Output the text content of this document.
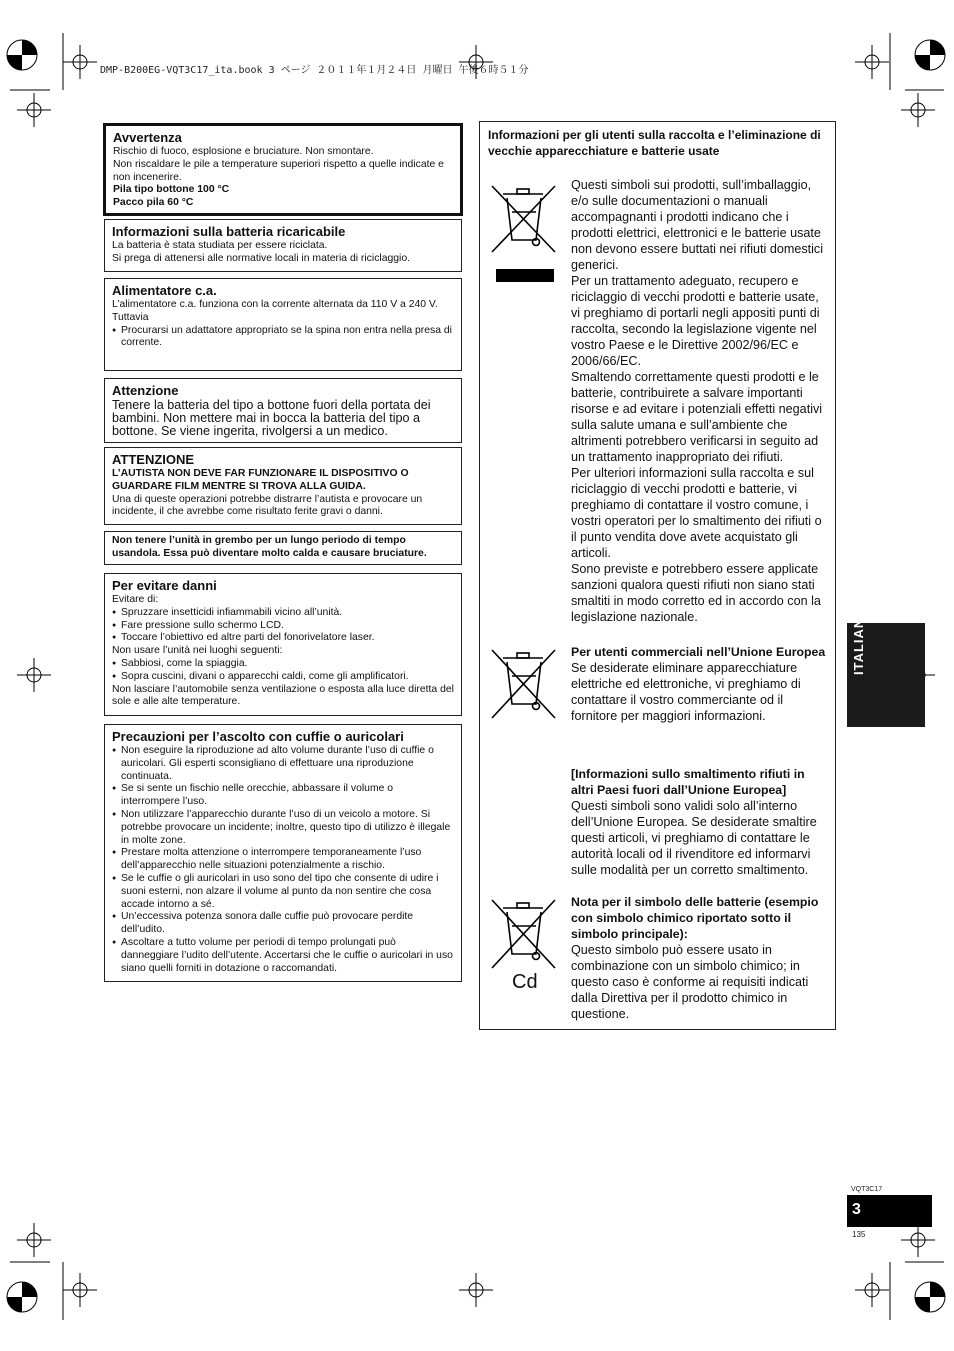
DMP-B200EG-VQT3C17_ita.book 3 ページ ２０１１年１月２４日 月曜日 午後６時５１分
Avvertenza

Rischio di fuoco, esplosione e bruciature. Non smontare.

Non riscaldare le pile a temperature superiori rispetto a quelle indicate e non incenerire.

Pila tipo bottone 100 °C

Pacco pila 60 °C

Informazioni sulla batteria ricaricabile

La batteria è stata studiata per essere riciclata.

Si prega di attenersi alle normative locali in materia di riciclaggio.

Alimentatore c.a.

L’alimentatore c.a. funziona con la corrente alternata da 110 V a 240 V.

Tuttavia

● Procurarsi un adattatore appropriato se la spina non entra nella presa di corrente.
Attenzione

Tenere la batteria del tipo a bottone fuori della portata dei bambini. Non mettere mai in bocca la batteria del tipo a bottone. Se viene ingerita, rivolgersi a un medico.

ATTENZIONE

L’AUTISTA NON DEVE FAR FUNZIONARE IL DISPOSITIVO O GUARDARE FILM MENTRE SI TROVA ALLA GUIDA.

Una di queste operazioni potrebbe distrarre l’autista e provocare un incidente, il che avrebbe come risultato ferite gravi o danni.

Non tenere l’unità in grembo per un lungo periodo di tempo usandola. Essa può diventare molto calda e causare bruciature.

Per evitare danni

Evitare di:

● Spruzzare insetticidi infiammabili vicino all’unità.
● Fare pressione sullo schermo LCD.
● Toccare l’obiettivo ed altre parti del fonorivelatore laser.

Non usare l’unità nei luoghi seguenti:

● Sabbiosi, come la spiaggia.
● Sopra cuscini, divani o apparecchi caldi, come gli amplificatori.

Non lasciare l’automobile senza ventilazione o esposta alla luce diretta del sole e alle alte temperature.

Precauzioni per l’ascolto con cuffie o auricolari
● Non eseguire la riproduzione ad alto volume durante l’uso di cuffie o auricolari. Gli esperti sconsigliano di effettuare una riproduzione continuata.
● Se si sente un fischio nelle orecchie, abbassare il volume o interrompere l’uso.
● Non utilizzare l’apparecchio durante l’uso di un veicolo a motore. Si potrebbe provocare un incidente; inoltre, questo tipo di utilizzo è illegale in molte zone.
● Prestare molta attenzione o interrompere temporaneamente l’uso dell’apparecchio nelle situazioni potenzialmente a rischio.
● Se le cuffie o gli auricolari in uso sono del tipo che consente di udire i suoni esterni, non alzare il volume al punto da non sentire che cosa accade intorno a sé.
● Un’eccessiva potenza sonora dalle cuffie può provocare perdite dell’udito.
● Ascoltare a tutto volume per periodi di tempo prolungati può danneggiare l’udito dell’utente. Accertarsi che le cuffie o auricolari in uso siano quelli forniti in dotazione o raccomandati.
Informazioni per gli utenti sulla raccolta e l’eliminazione di vecchie apparecchiature e batterie usate
Cd

Questi simboli sui prodotti, sull’imballaggio, e/o sulle documentazioni o manuali accompagnanti i prodotti indicano che i prodotti elettrici, elettronici e le batterie usate non devono essere buttati nei rifiuti domestici generici.

Per un trattamento adeguato, recupero e riciclaggio di vecchi prodotti e batterie usate, vi preghiamo di portarli negli appositi punti di raccolta, secondo la legislazione vigente nel vostro Paese e le Direttive 2002/96/EC e 2006/66/EC.

Smaltendo correttamente questi prodotti e le batterie, contribuirete a salvare importanti risorse e ad evitare i potenziali effetti negativi sulla salute umana e sull’ambiente che altrimenti potrebbero verificarsi in seguito ad un trattamento inappropriato dei rifiuti.

Per ulteriori informazioni sulla raccolta e sul riciclaggio di vecchi prodotti e batterie, vi preghiamo di contattare il vostro comune, i vostri operatori per lo smaltimento dei rifiuti o il punto vendita dove avete acquistato gli articoli.

Sono previste e potrebbero essere applicate sanzioni qualora questi rifiuti non siano stati smaltiti in modo corretto ed in accordo con la legislazione nazionale.

Per utenti commerciali nell’Unione Europea

Se desiderate eliminare apparecchiature elettriche ed elettroniche, vi preghiamo di contattare il vostro commerciante od il fornitore per maggiori informazioni.

[Informazioni sullo smaltimento rifiuti in altri Paesi fuori dall’Unione Europea]

Questi simboli sono validi solo all’interno dell’Unione Europea. Se desiderate smaltire questi articoli, vi preghiamo di contattare le autorità locali od il rivenditore ed informarvi sulle modalità per un corretto smaltimento.

Nota per il simbolo delle batterie (esempio con simbolo chimico riportato sotto il simbolo principale):

Questo simbolo può essere usato in combinazione con un simbolo chimico; in questo caso è conforme ai requisiti indicati dalla Direttiva per il prodotto chimico in questione.

ITALIANO
VQT3C17
3
135
